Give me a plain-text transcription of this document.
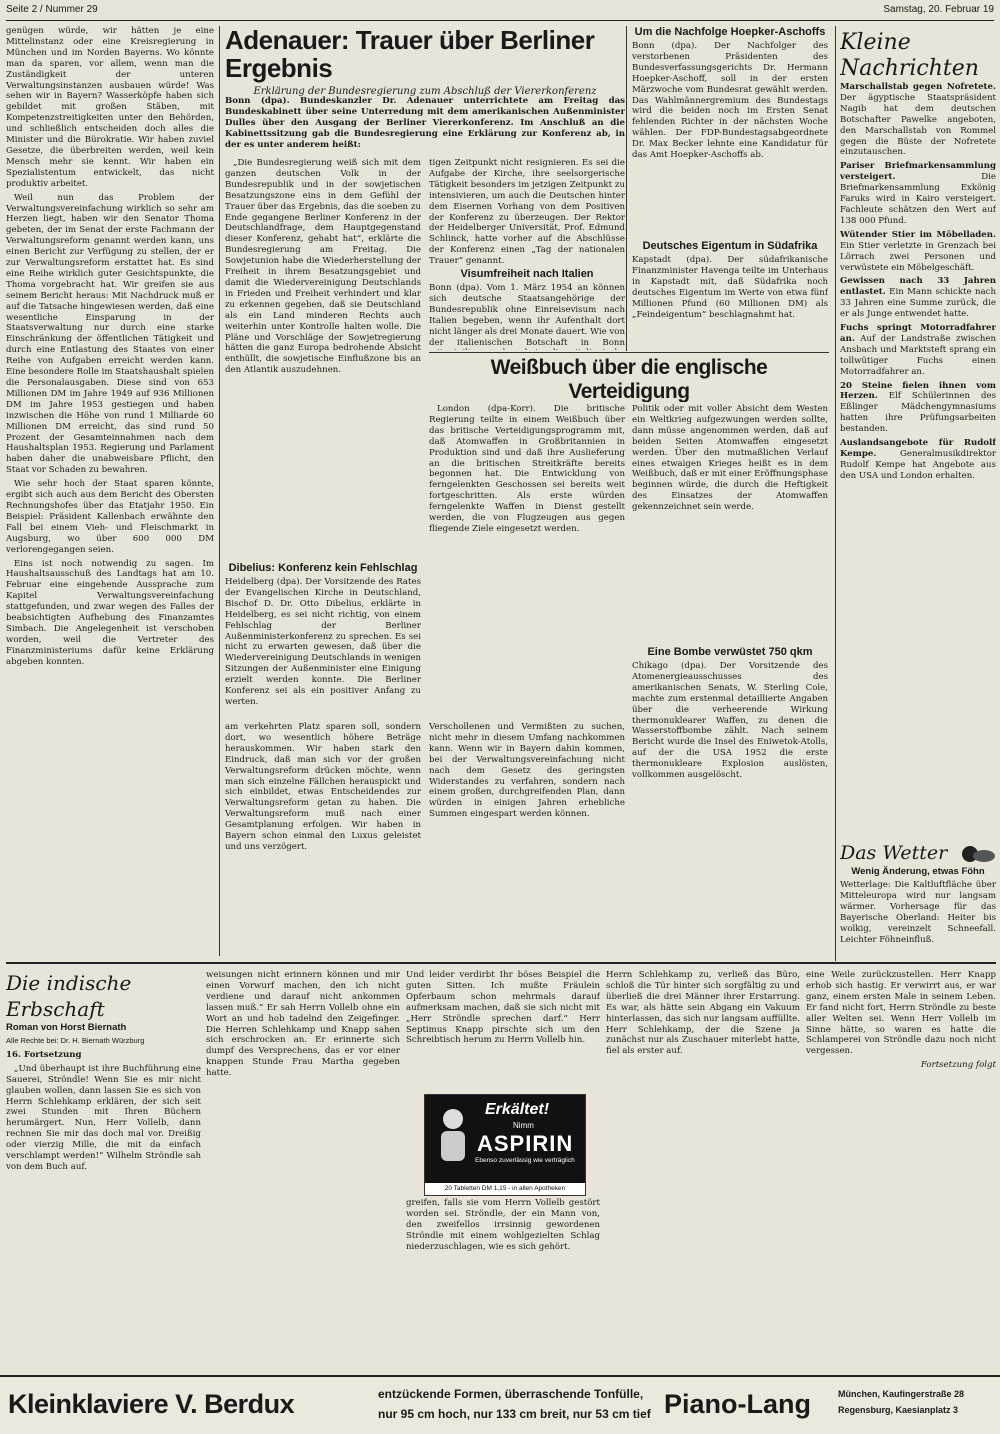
Seite 2 / Nummer 29	Samstag, 20. Februar 19

genügen würde, wir hätten je eine Mittelinstanz oder eine Kreisregierung in München und im Norden Bayerns. Wo könnte man da sparen, vor allem, wenn man die Zuständigkeit der unteren Verwaltungsinstanzen ausbauen würde! Was sehen wir in Bayern? Wasserköpfe haben sich gebildet mit großen Stäben, mit Kompetenzstreitigkeiten unter den Behörden, und schließlich entscheiden doch alles die Minister und die Bürokratie. Wir haben zuviel Gesetze, die überbreiten werden, weil kein Mensch mehr sie kennt. Wir haben ein Spezialistentum entwickelt, das nicht produktiv arbeitet.

Weil nun das Problem der Verwaltungsvereinfachung wirklich so sehr am Herzen liegt, haben wir den Senator Thoma gebeten, der im Senat der erste Fachmann der Verwaltungsreform genannt werden kann, uns einen Bericht zur Verfügung zu stellen, der er zur Verwaltungsreform erstattet hat. Es sind eine Reihe wirklich guter Gesichtspunkte, die Thoma vorgebracht hat. Wir greifen sie aus seinem Bericht heraus: Mit Nachdruck muß er auf die Tatsache hingewiesen werden, daß eine wesentliche Einsparung in der Staatsverwaltung nur durch eine starke Einschränkung der öffentlichen Tätigkeit und durch eine Entlastung des Staates von einer Reihe von Aufgaben erreicht werden kann. Eine besondere Rolle im Staatshaushalt spielen die Personalausgaben. Diese sind von 653 Millionen DM im Jahre 1949 auf 936 Millionen DM im Jahre 1953 gestiegen und haben inzwischen die Höhe von rund 1 Milliarde 60 Millionen DM erreicht, das sind rund 50 Prozent der Gesamteinnahmen nach dem Haushaltsplan 1953. Regierung und Parlament haben daher die unabweisbare Pflicht, den Staat vor Schaden zu bewahren.

Wie sehr hoch der Staat sparen könnte, ergibt sich auch aus dem Bericht des Obersten Rechnungshofes über das Etatjahr 1950. Ein Beispiel: Präsident Kallenbach erwähnte den Fall bei einem Vieh- und Fleischmarkt in Augsburg, wo über 600 000 DM verlorengegangen seien.

Eins ist noch notwendig zu sagen. Im Haushaltsausschuß des Landtags hat am 10. Februar eine eingehende Aussprache zum Kapitel Verwaltungsvereinfachung stattgefunden, und zwar wegen des Falles der beabsichtigten Aufhebung des Finanzamtes Simbach. Die Angelegenheit ist verschoben worden, weil die Vertreter des Finanzministeriums dafür keine Erklärung abgeben konnten.

Adenauer: Trauer über Berliner Ergebnis
Erklärung der Bundesregierung zum Abschluß der Viererkonferenz

Bonn (dpa). Bundeskanzler Dr. Adenauer unterrichtete am Freitag das Bundeskabinett über seine Unterredung mit dem amerikanischen Außenminister Dulles über den Ausgang der Berliner Viererkonferenz. Im Anschluß an die Kabinettssitzung gab die Bundesregierung eine Erklärung zur Konferenz ab, in der es unter anderem heißt:

„Die Bundesregierung weiß sich mit dem ganzen deutschen Volk in der Bundesrepublik und in der sowjetischen Besatzungszone eins in dem Gefühl der Trauer über das Ergebnis, das die soeben zu Ende gegangene Berliner Konferenz in der Deutschlandfrage, dem Hauptgegenstand dieser Konferenz, gehabt hat“, erklärte die Bundesregierung am Freitag. Die Sowjetunion habe die Wiederherstellung der Freiheit in ihrem Besatzungsgebiet und damit die Wiedervereinigung Deutschlands in Frieden und Freiheit verhindert und klar zu erkennen gegeben, daß sie Deutschland als ein Land minderen Rechts auch weiterhin unter Kontrolle halten wolle. Die Pläne und Vorschläge der Sowjetregierung hätten die ganz Europa bedrohende Absicht enthüllt, die sowjetische Einflußzone bis an den Atlantik auszudehnen.

tigen Zeitpunkt nicht resignieren. Es sei die Aufgabe der Kirche, ihre seelsorgerische Tätigkeit besonders im jetzigen Zeitpunkt zu intensivieren, um auch die Deutschen hinter dem Eisernen Vorhang von dem Positiven der Konferenz zu überzeugen. Der Rektor der Heidelberger Universität, Prof. Edmund Schlinck, hatte vorher auf die Abschlüsse der Konferenz einen „Tag der nationalen Trauer“ genannt.

Visumfreiheit nach Italien

Bonn (dpa). Vom 1. März 1954 an können sich deutsche Staatsangehörige der Bundesrepublik ohne Einreisevisum nach Italien begeben, wenn ihr Aufenthalt dort nicht länger als drei Monate dauert. Wie von der italienischen Botschaft in Bonn

Dibelius: Konferenz kein Fehlschlag

Heidelberg (dpa). Der Vorsitzende des Rates der Evangelischen Kirche in Deutschland, Bischof D. Dr. Otto Dibelius, erklärte in Heidelberg, es sei nicht richtig, von einem Fehlschlag der Berliner Außenministerkonferenz zu sprechen. Es sei nicht zu erwarten gewesen, daß über die Wiedervereinigung Deutschlands in wenigen Sitzungen der Außenminister eine Einigung erzielt werden konnte. Die Berliner Konferenz sei als ein positiver Anfang zu werten.

Um die Nachfolge Hoepker-Aschoffs

Bonn (dpa). Der Nachfolger des verstorbenen Präsidenten des Bundesverfassungsgerichts Dr. Hermann Hoepker-Aschoff, soll in der ersten Märzwoche vom Bundesrat gewählt werden. Das Wahlmännergremium des Bundestags wird die beiden noch im Ersten Senat fehlenden Richter in der nächsten Woche wählen. Der FDP-Bundestagsabgeordnete Dr. Max Becker lehnte eine Kandidatur für das Amt Hoepker-Aschoffs ab.

Deutsches Eigentum in Südafrika

Kapstadt (dpa). Der südafrikanische Finanzminister Havenga teilte im Unterhaus in Kapstadt mit, daß Südafrika noch deutsches Eigentum im Werte von etwa fünf Millionen Pfund (60 Millionen DM) als „Feindeigentum“ beschlagnahmt hat.

Weißbuch über die englische Verteidigung

London (dpa-Korr). Die britische Regierung teilte in einem Weißbuch über das britische Verteidigungsprogramm mit, daß Atomwaffen in Großbritannien in Produktion sind und daß ihre Auslieferung an die britischen Streitkräfte bereits begonnen hat. Die Entwicklung von ferngelenkten Geschossen sei bereits weit fortgeschritten. Als erste würden ferngelenkte Waffen in Dienst gestellt werden, die von Flugzeugen aus gegen fliegende Ziele eingesetzt werden.

Politik oder mit voller Absicht dem Westen ein Weltkrieg aufgezwungen werden sollte, dann müsse angenommen werden, daß auf beiden Seiten Atomwaffen eingesetzt werden. Über den mutmaßlichen Verlauf eines etwaigen Krieges heißt es in dem Weißbuch, daß er mit einer Eröffnungsphase beginnen würde, die durch die Heftigkeit des Einsatzes der Atomwaffen gekennzeichnet sein werde.

Eine Bombe verwüstet 750 qkm

Chikago (dpa). Der Vorsitzende des Atomenergieausschusses des amerikanischen Senats, W. Sterling Cole, machte zum erstenmal detaillierte Angaben über die verheerende Wirkung thermonuklearer Waffen, zu denen die Wasserstoffbombe zählt. Nach seinem Bericht wurde die Insel des Eniwetok-Atolls, auf der die USA 1952 die erste thermonukleare Explosion auslösten, vollkommen ausgelöscht.

am verkehrten Platz sparen soll, sondern dort, wo wesentlich höhere Beträge herauskommen. Wir haben stark den Eindruck, daß man sich vor der großen Verwaltungsreform drücken möchte, wenn man sich einzelne Fällchen herauspickt und sich einbildet, etwas Entscheidendes zur Verwaltungsreform getan zu haben. Die Verwaltungsreform muß nach einer Gesamtplanung erfolgen. Wir haben in Bayern schon einmal den Luxus geleistet und uns verzögert.

Verschollenen und Vermißten zu suchen, nicht mehr in diesem Umfang nachkommen kann. Wenn wir in Bayern dahin kommen, bei der Verwaltungsvereinfachung nicht nach dem Gesetz des geringsten Widerstandes zu verfahren, sondern nach einem großen, durchgreifenden Plan, dann würden in einigen Jahren erhebliche Summen eingespart werden können.

Kleine Nachrichten

Marschallstab gegen Nofretete. Der ägyptische Staatspräsident Nagib hat dem deutschen Botschafter Pawelke angeboten, den Marschallstab von Rommel gegen die Büste der Nofretete einzutauschen.

Pariser Briefmarkensammlung versteigert.	Die Briefmarkensammlung Exkönig Faruks wird in Kairo versteigert. Fachleute schätzen den Wert auf 138 000 Pfund.

Wütender Stier im Möbelladen. Ein Stier verletzte in Grenzach bei Lörrach zwei Personen und verwüstete ein Möbelgeschäft.

Gewissen nach 33 Jahren entlastet. Ein Mann schickte nach 33 Jahren eine Summe zurück, die er als Junge entwendet hatte.

Fuchs springt Motorradfahrer an. Auf der Landstraße zwischen Ansbach und Marktsteft sprang ein tollwütiger Fuchs einen Motorradfahrer an.

20 Steine fielen ihnen vom Herzen. Elf Schülerinnen des Eßlinger Mädchengymnasiums hatten ihre Prüfungsarbeiten bestanden.

Auslandsangebote für Rudolf Kempe.	Generalmusikdirektor Rudolf Kempe hat Angebote aus den USA und London erhalten.

Das Wetter
Wenig Änderung, etwas Föhn

Wetterlage: Die Kaltluftfläche über Mitteleuropa wird nur langsam wärmer. Vorhersage für das Bayerische Oberland: Heiter bis wolkig, vereinzelt Schneefall. Leichter Föhneinfluß.

Die indische Erbschaft
Roman von Horst Biernath
Alle Rechte bei: Dr. H. Biernath Würzburg
16. Fortsetzung

„Und überhaupt ist ihre Buchführung eine Sauerei, Ströndle! Wenn Sie es mir nicht glauben wollen, dann lassen Sie es sich von Herrn Schlehkamp erklären, der sich seit zwei Stunden mit Ihren Büchern herumärgert. Nun, Herr Vollelb, dann rechnen Sie mir das doch mal vor. Dreißig oder vierzig Mille, die mit da einfach verschlampt werden!“ Wilhelm Ströndle sah von dem Buch auf.

weisungen nicht erinnern können und mir einen Vorwurf machen, den ich nicht verdiene und darauf nicht ankommen lassen muß.“ Er sah Herrn Vollelb ohne ein Wort an und hob tadelnd den Zeigefinger. Die Herren Schlehkamp und Knapp sahen sich erschrocken an. Er erinnerte sich dumpf des Versprechens, das er vor einer knappen Stunde Frau Martha gegeben hatte.

Und leider verdirbt Ihr böses Beispiel die guten Sitten. Ich mußte Fräulein Opferbaum schon mehrmals darauf aufmerksam machen, daß sie sich nicht mit „Herr Ströndle sprechen darf.“ Herr Septimus Knapp pirschte sich um den Schreibtisch herum zu Herrn Vollelb hin.

Erkältet!
Nimm
ASPIRIN
Ebenso zuverlässig wie verträglich
20 Tabletten DM 1,15 - in allen Apotheken

greifen, falls sie vom Herrn Vollelb gestört worden sei. Ströndle, der ein Mann von, den zweifellos irrsinnig gewordenen Ströndle mit einem wohlgezielten Schlag niederzuschlagen, wie es sich gehört.

Herrn Schlehkamp zu, verließ das Büro, schloß die Tür hinter sich sorgfältig zu und überließ die drei Männer ihrer Erstarrung. Es war, als hätte sein Abgang ein Vakuum hinterlassen, das sich nur langsam auffüllte. Herr Schlehkamp, der die Szene ja zunächst nur als Zuschauer miterlebt hatte, fiel als erster auf.

eine Weile zurückzustellen. Herr Knapp erhob sich hastig. Er verwirrt aus, er war ganz, einem ersten Male in seinem Leben. Er fand nicht fort, Herrn Ströndle zu beste aller Welten sei. Wenn Herr Vollelb im Sinne hätte, so waren es hatte die Schlamperei von Ströndle dazu noch nicht vergessen.

Fortsetzung folgt
Kleinklaviere V. Berdux	entzückende Formen, überraschende Tonfülle,
nur 95 cm hoch, nur 133 cm breit, nur 53 cm tief Piano-Lang	München, Kaufingerstraße 28
Regensburg, Kaesianplatz 3
